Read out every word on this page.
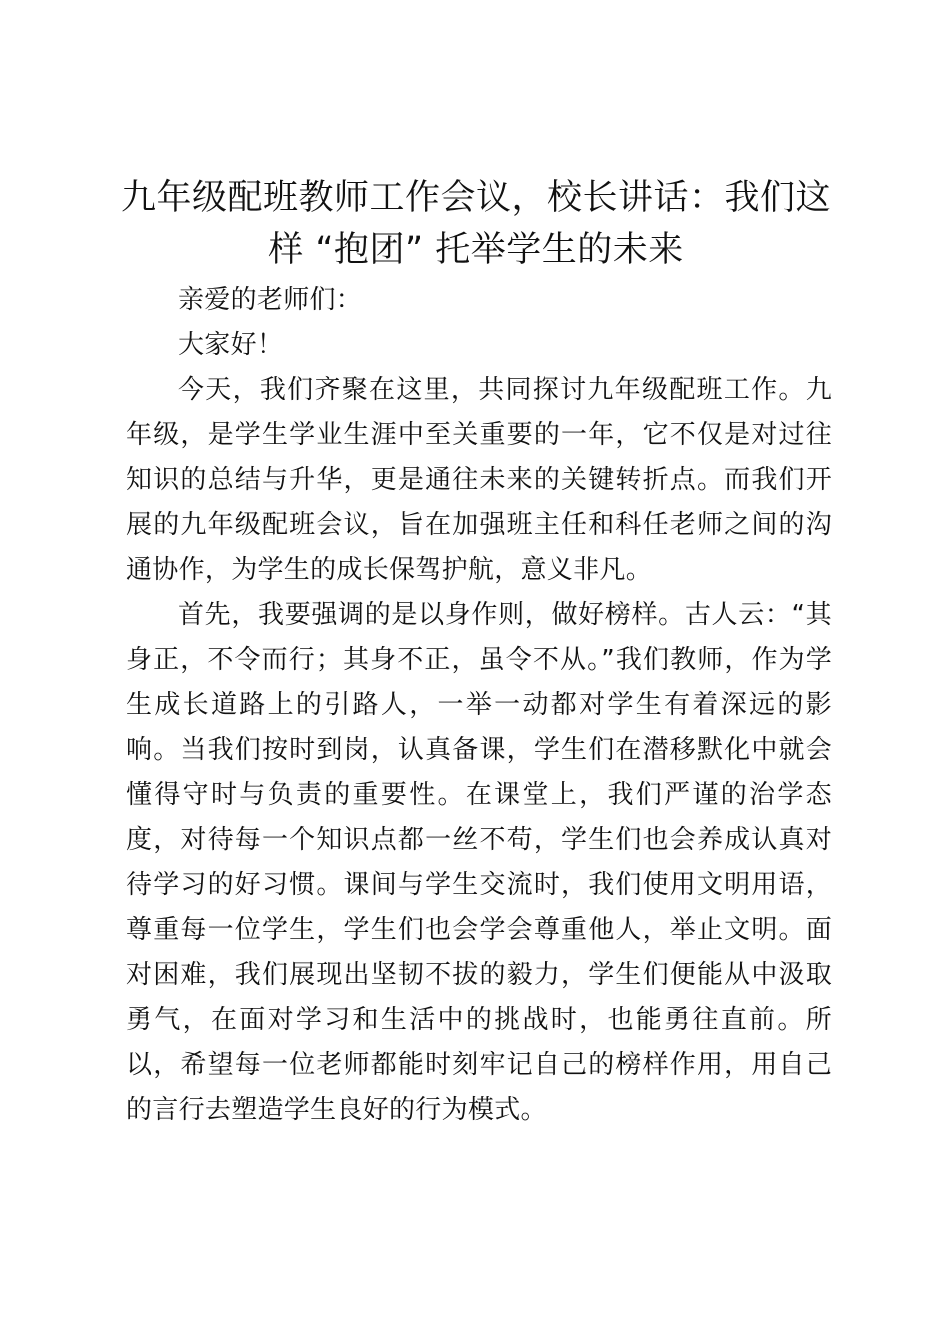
九年级配班教师工作会议，校长讲话：我们这样 “抱团” 托举学生的未来

亲爱的老师们：

大家好！

今天，我们齐聚在这里，共同探讨九年级配班工作。九年级，是学生学业生涯中至关重要的一年，它不仅是对过往知识的总结与升华，更是通往未来的关键转折点。而我们开展的九年级配班会议，旨在加强班主任和科任老师之间的沟通协作，为学生的成长保驾护航，意义非凡。

首先，我要强调的是以身作则，做好榜样。古人云：“其身正，不令而行；其身不正，虽令不从。”我们教师，作为学生成长道路上的引路人，一举一动都对学生有着深远的影响。当我们按时到岗，认真备课，学生们在潜移默化中就会懂得守时与负责的重要性。在课堂上，我们严谨的治学态度，对待每一个知识点都一丝不苟，学生们也会养成认真对待学习的好习惯。课间与学生交流时，我们使用文明用语，尊重每一位学生，学生们也会学会尊重他人，举止文明。面对困难，我们展现出坚韧不拔的毅力，学生们便能从中汲取勇气，在面对学习和生活中的挑战时，也能勇往直前。所以，希望每一位老师都能时刻牢记自己的榜样作用，用自己的言行去塑造学生良好的行为模式。
